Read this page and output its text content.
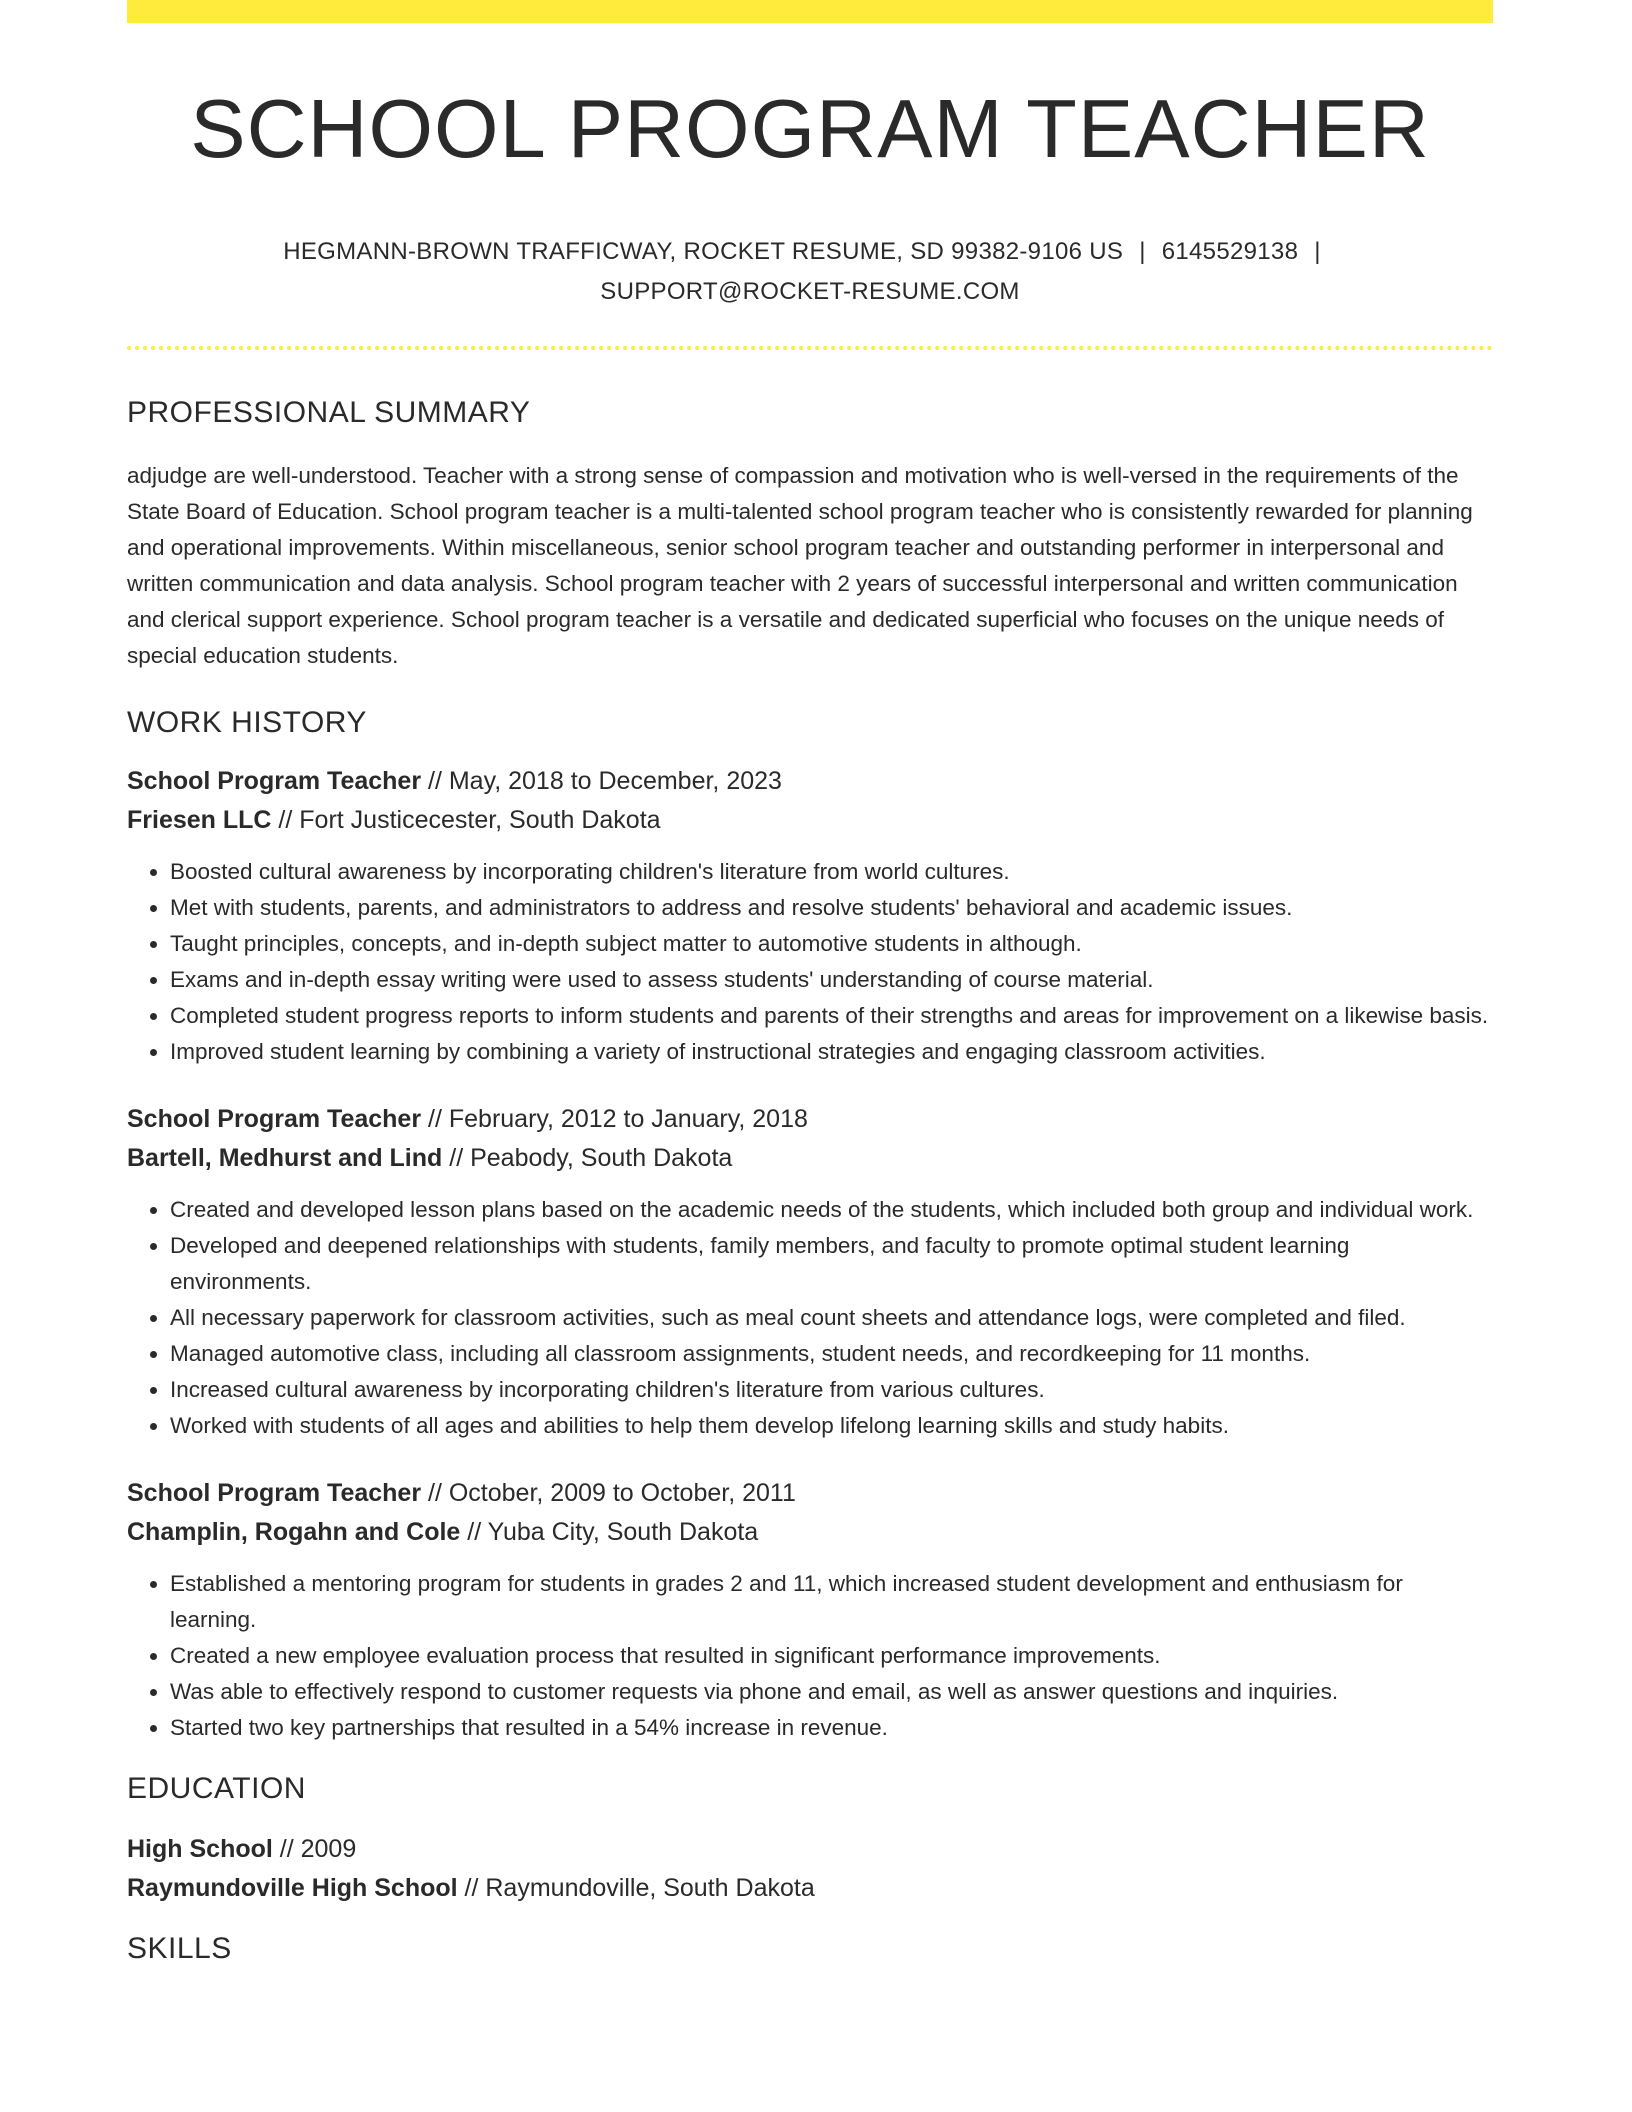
SCHOOL PROGRAM TEACHER
HEGMANN-BROWN TRAFFICWAY, ROCKET RESUME, SD 99382-9106 US | 6145529138 |
SUPPORT@ROCKET-RESUME.COM
PROFESSIONAL SUMMARY

adjudge are well-understood. Teacher with a strong sense of compassion and motivation who is well-versed in the requirements of the State Board of Education. School program teacher is a multi-talented school program teacher who is consistently rewarded for planning and operational improvements. Within miscellaneous, senior school program teacher and outstanding performer in interpersonal and written communication and data analysis. School program teacher with 2 years of successful interpersonal and written communication and clerical support experience. School program teacher is a versatile and dedicated superficial who focuses on the unique needs of special education students.

WORK HISTORY
School Program Teacher // May, 2018 to December, 2023
Friesen LLC // Fort Justicecester, South Dakota
• Boosted cultural awareness by incorporating children's literature from world cultures.
• Met with students, parents, and administrators to address and resolve students' behavioral and academic issues.
• Taught principles, concepts, and in-depth subject matter to automotive students in although.
• Exams and in-depth essay writing were used to assess students' understanding of course material.
• Completed student progress reports to inform students and parents of their strengths and areas for improvement on a likewise basis.
• Improved student learning by combining a variety of instructional strategies and engaging classroom activities.
School Program Teacher // February, 2012 to January, 2018
Bartell, Medhurst and Lind // Peabody, South Dakota
• Created and developed lesson plans based on the academic needs of the students, which included both group and individual work.
• Developed and deepened relationships with students, family members, and faculty to promote optimal student learning environments.
• All necessary paperwork for classroom activities, such as meal count sheets and attendance logs, were completed and filed.
• Managed automotive class, including all classroom assignments, student needs, and recordkeeping for 11 months.
• Increased cultural awareness by incorporating children's literature from various cultures.
• Worked with students of all ages and abilities to help them develop lifelong learning skills and study habits.
School Program Teacher // October, 2009 to October, 2011
Champlin, Rogahn and Cole // Yuba City, South Dakota
• Established a mentoring program for students in grades 2 and 11, which increased student development and enthusiasm for learning.
• Created a new employee evaluation process that resulted in significant performance improvements.
• Was able to effectively respond to customer requests via phone and email, as well as answer questions and inquiries.
• Started two key partnerships that resulted in a 54% increase in revenue.
EDUCATION
High School // 2009
Raymundoville High School // Raymundoville, South Dakota
SKILLS
